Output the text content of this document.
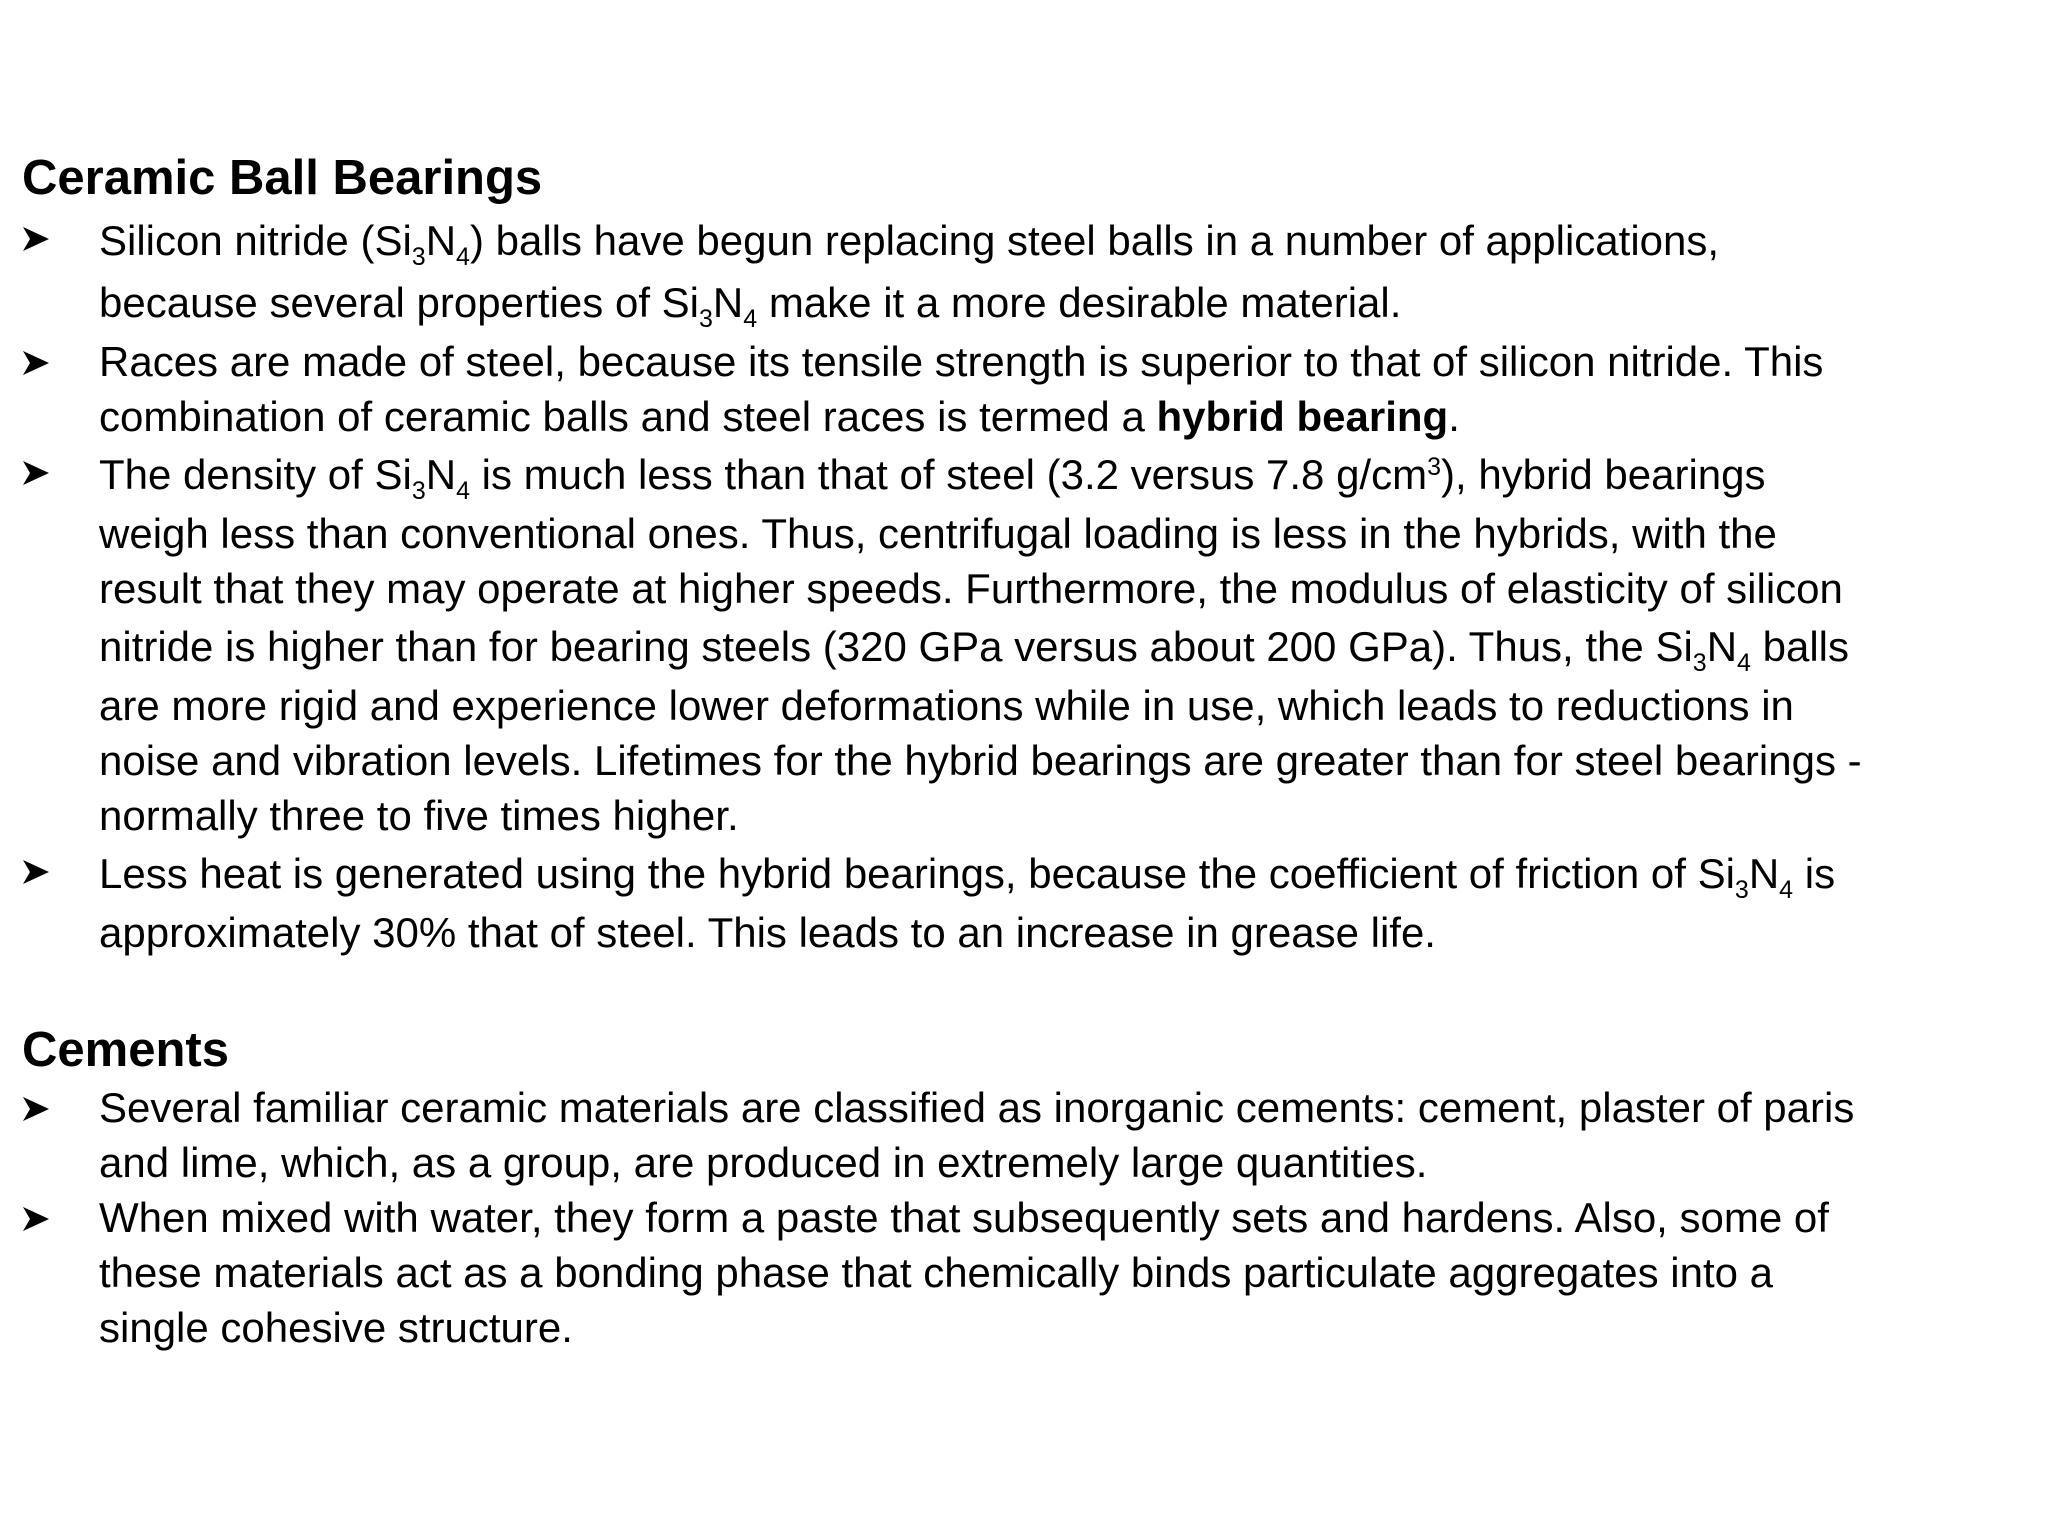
Ceramic Ball Bearings
Silicon nitride $(Si_3N_4)$ balls have begun replacing steel balls in a number of applications,
because several properties of $Si_3N_4$ make it a more desirable material.
Races are made of steel, because its tensile strength is superior to that of silicon nitride. This
combination of ceramic balls and steel races is termed a hybrid bearing.
The density of $Si_3N_4$ is much less than that of steel (3.2 versus 7.8 $g/cm^3$), hybrid bearings
weigh less than conventional ones. Thus, centrifugal loading is less in the hybrids, with the
result that they may operate at higher speeds. Furthermore, the modulus of elasticity of silicon
nitride is higher than for bearing steels (320 GPa versus about 200 GPa). Thus, the $Si_3N_4$ balls
are more rigid and experience lower deformations while in use, which leads to reductions in
noise and vibration levels. Lifetimes for the hybrid bearings are greater than for steel bearings -
normally three to five times higher.
Less heat is generated using the hybrid bearings, because the coefficient of friction of $Si_3N_4$ is
approximately 30% that of steel. This leads to an increase in grease life.
Cements
Several familiar ceramic materials are classified as inorganic cements: cement, plaster of paris
and lime, which, as a group, are produced in extremely large quantities.
When mixed with water, they form a paste that subsequently sets and hardens. Also, some of
these materials act as a bonding phase that chemically binds particulate aggregates into a
single cohesive structure.
